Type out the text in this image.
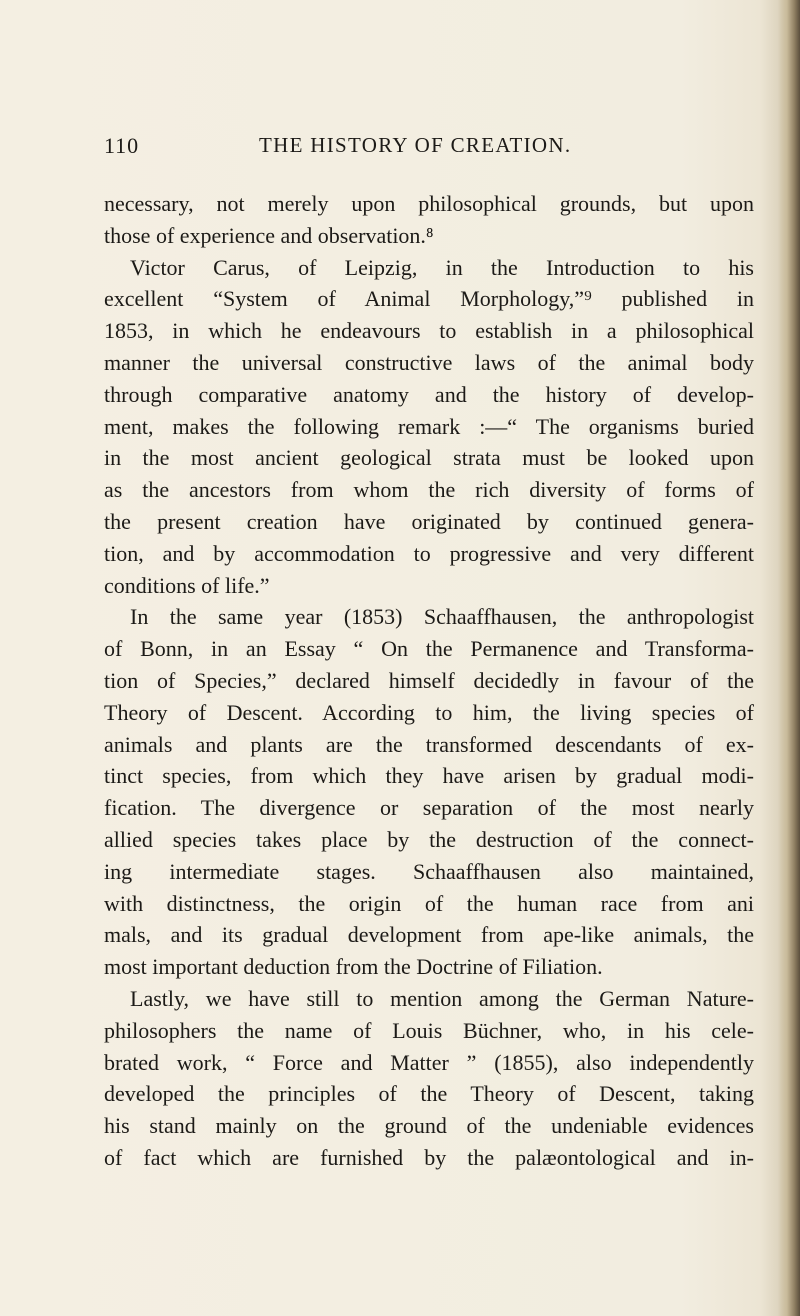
110	THE HISTORY OF CREATION.
necessary, not merely upon philosophical grounds, but upon
those of experience and observation.⁸
Victor Carus, of Leipzig, in the Introduction to his
excellent “System of Animal Morphology,”⁹ published in
1853, in which he endeavours to establish in a philosophical
manner the universal constructive laws of the animal body
through comparative anatomy and the history of develop-
ment, makes the following remark :—“ The organisms buried
in the most ancient geological strata must be looked upon
as the ancestors from whom the rich diversity of forms of
the present creation have originated by continued genera-
tion, and by accommodation to progressive and very different
conditions of life.”
In the same year (1853) Schaaffhausen, the anthropologist
of Bonn, in an Essay “ On the Permanence and Transforma-
tion of Species,” declared himself decidedly in favour of the
Theory of Descent. According to him, the living species of
animals and plants are the transformed descendants of ex-
tinct species, from which they have arisen by gradual modi-
fication. The divergence or separation of the most nearly
allied species takes place by the destruction of the connect-
ing intermediate stages. Schaaffhausen also maintained,
with distinctness, the origin of the human race from ani
mals, and its gradual development from ape-like animals, the
most important deduction from the Doctrine of Filiation.
Lastly, we have still to mention among the German Nature-
philosophers the name of Louis Büchner, who, in his cele-
brated work, “ Force and Matter ” (1855), also independently
developed the principles of the Theory of Descent, taking
his stand mainly on the ground of the undeniable evidences
of fact which are furnished by the palæontological and in-
